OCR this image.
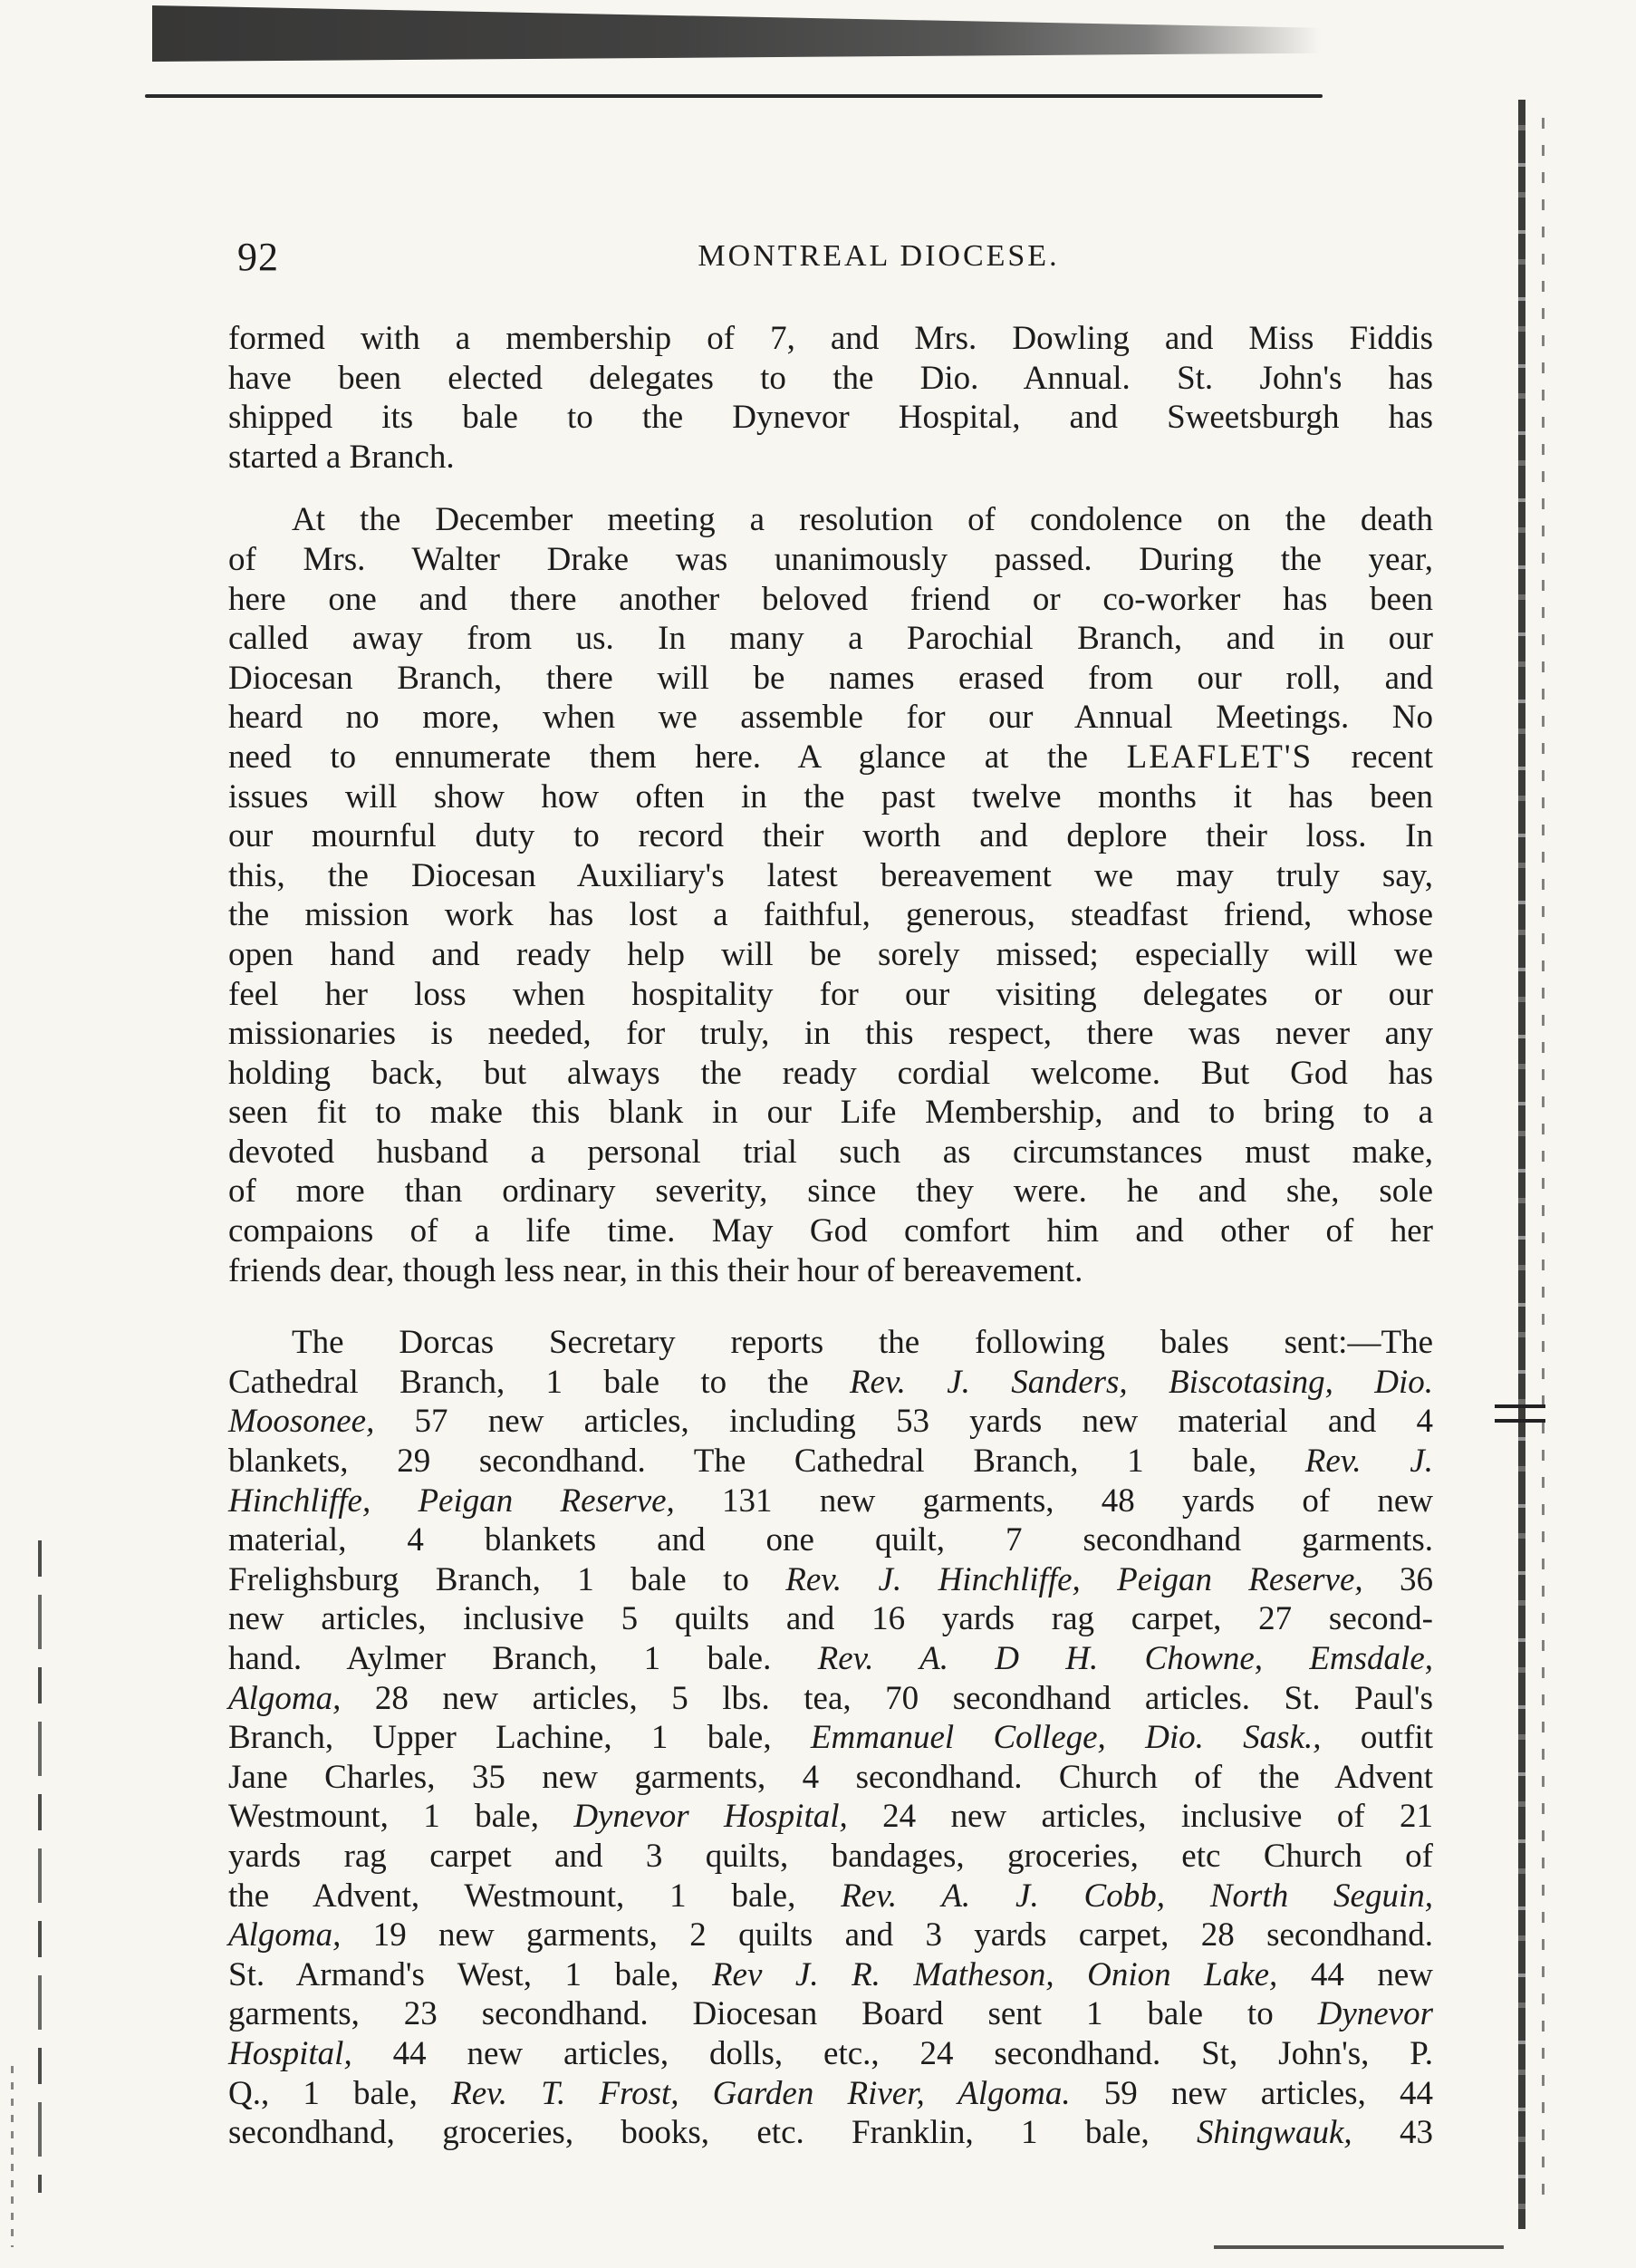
92	MONTREAL DIOCESE.
formed with a membership of 7, and Mrs. Dowling and Miss Fiddis
have been elected delegates to the Dio. Annual. St. John's has
shipped its bale to the Dynevor Hospital, and Sweetsburgh has
started a Branch.
At the December meeting a resolution of condolence on the death
of Mrs. Walter Drake was unanimously passed. During the year,
here one and there another beloved friend or co-worker has been
called away from us. In many a Parochial Branch, and in our
Diocesan Branch, there will be names erased from our roll, and
heard no more, when we assemble for our Annual Meetings. No
need to ennumerate them here. A glance at the LEAFLET'S recent
issues will show how often in the past twelve months it has been
our mournful duty to record their worth and deplore their loss. In
this, the Diocesan Auxiliary's latest bereavement we may truly say,
the mission work has lost a faithful, generous, steadfast friend, whose
open hand and ready help will be sorely missed; especially will we
feel her loss when hospitality for our visiting delegates or our
missionaries is needed, for truly, in this respect, there was never any
holding back, but always the ready cordial welcome. But God has
seen fit to make this blank in our Life Membership, and to bring to a
devoted husband a personal trial such as circumstances must make,
of more than ordinary severity, since they were. he and she, sole
compaions of a life time. May God comfort him and other of her
friends dear, though less near, in this their hour of bereavement.
The Dorcas Secretary reports the following bales sent:—The
Cathedral Branch, 1 bale to the Rev. J. Sanders, Biscotasing, Dio.
Moosonee, 57 new articles, including 53 yards new material and 4
blankets, 29 secondhand. The Cathedral Branch, 1 bale, Rev. J.
Hinchliffe, Peigan Reserve, 131 new garments, 48 yards of new
material, 4 blankets and one quilt, 7 secondhand garments.
Frelighsburg Branch, 1 bale to Rev. J. Hinchliffe, Peigan Reserve, 36
new articles, inclusive 5 quilts and 16 yards rag carpet, 27 second-
hand. Aylmer Branch, 1 bale. Rev. A. D H. Chowne, Emsdale,
Algoma, 28 new articles, 5 lbs. tea, 70 secondhand articles. St. Paul's
Branch, Upper Lachine, 1 bale, Emmanuel College, Dio. Sask., outfit
Jane Charles, 35 new garments, 4 secondhand. Church of the Advent
Westmount, 1 bale, Dynevor Hospital, 24 new articles, inclusive of 21
yards rag carpet and 3 quilts, bandages, groceries, etc Church of
the Advent, Westmount, 1 bale, Rev. A. J. Cobb, North Seguin,
Algoma, 19 new garments, 2 quilts and 3 yards carpet, 28 secondhand.
St. Armand's West, 1 bale, Rev J. R. Matheson, Onion Lake, 44 new
garments, 23 secondhand. Diocesan Board sent 1 bale to Dynevor
Hospital, 44 new articles, dolls, etc., 24 secondhand. St, John's, P.
Q., 1 bale, Rev. T. Frost, Garden River, Algoma. 59 new articles, 44
secondhand, groceries, books, etc. Franklin, 1 bale, Shingwauk, 43
